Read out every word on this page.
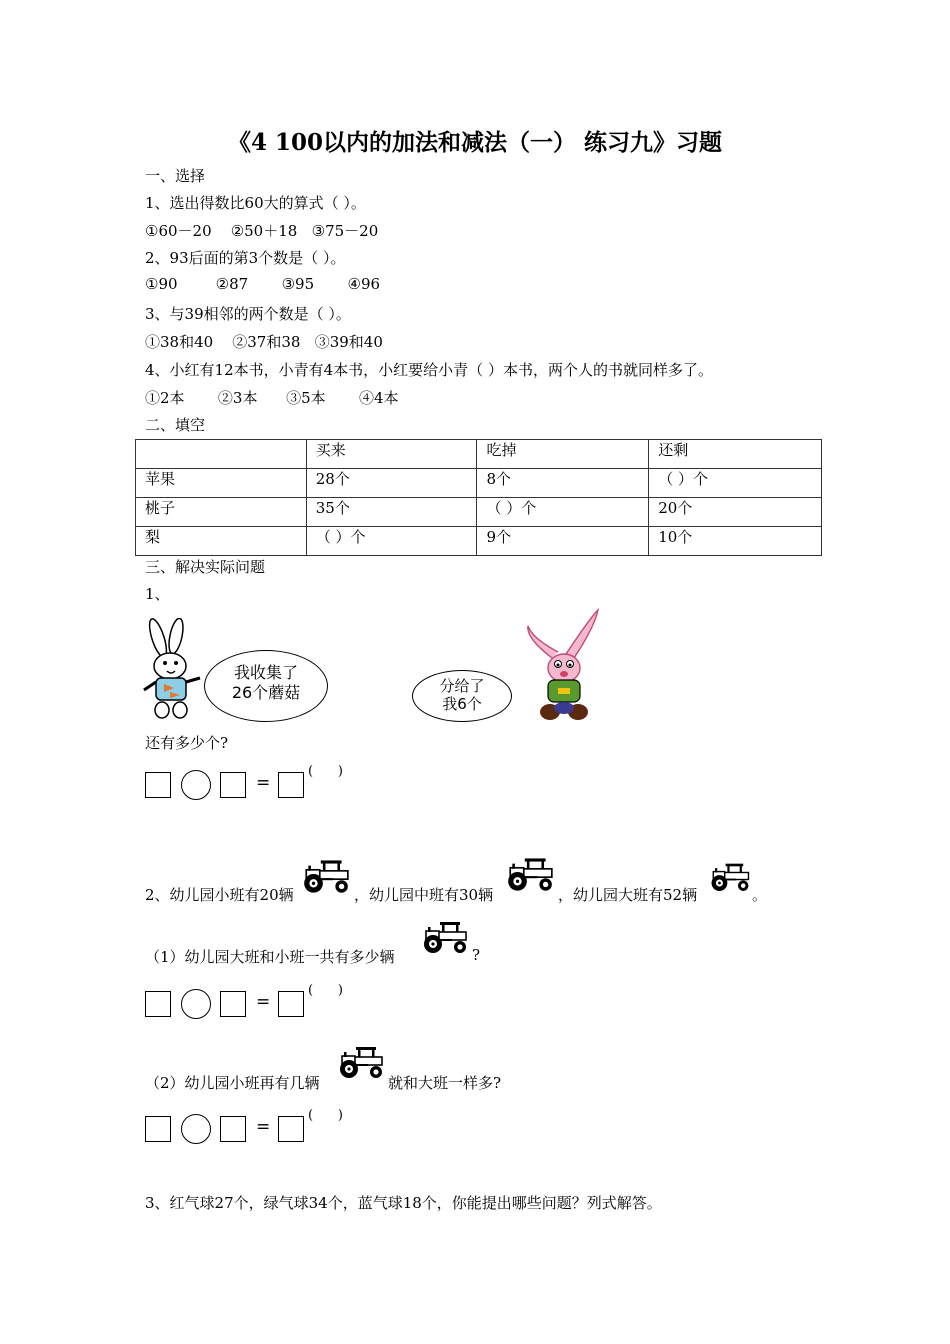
《4 100以内的加法和减法（一） 练习九》习题
一、选择
1、选出得数比60大的算式（ ）。
①60－20    ②50＋18   ③75－20
2、93后面的第3个数是（ ）。
①90        ②87       ③95       ④96
3、与39相邻的两个数是（ ）。
①38和40    ②37和38   ③39和40
4、小红有12本书，小青有4本书，小红要给小青（ ）本书，两个人的书就同样多了。
①2本       ②3本      ③5本       ④4本
二、填空
	买来	吃掉	还剩
苹果	28个	8个	（ ）个
桃子	35个	（ ）个	20个
梨	（ ）个	9个	10个
三、解决实际问题
1、
我收集了
26个蘑菇	分给了
我6个
还有多少个?
=
(      )
2、幼儿园小班有20辆	，幼儿园中班有30辆	，幼儿园大班有52辆	。
（1）幼儿园大班和小班一共有多少辆	?
=
(      )
（2）幼儿园小班再有几辆	就和大班一样多?
=
(      )
3、红气球27个，绿气球34个，蓝气球18个，你能提出哪些问题？列式解答。
